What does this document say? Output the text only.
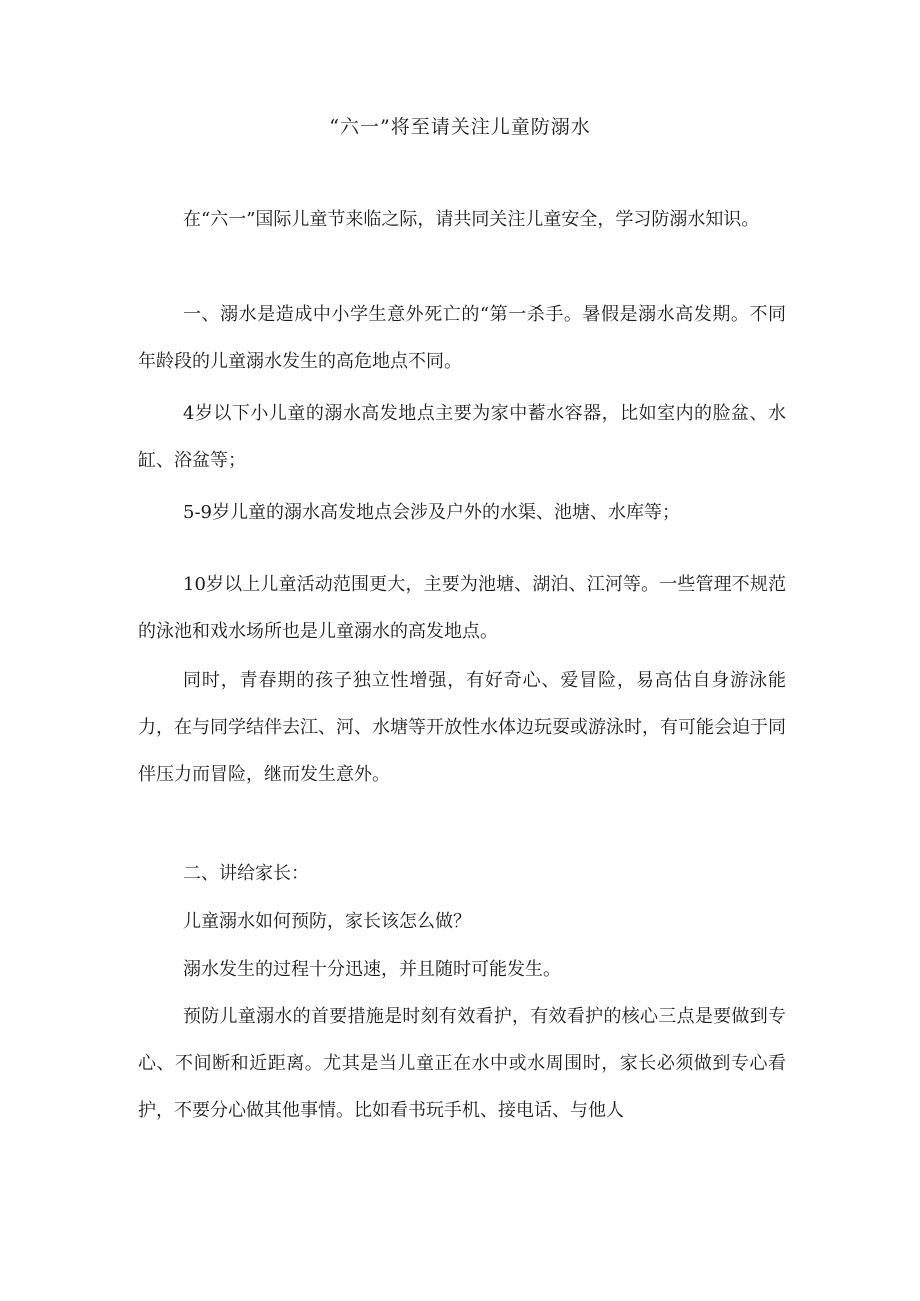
“六一”将至请关注儿童防溺水

在“六一”国际儿童节来临之际，请共同关注儿童安全，学习防溺水知识。

一、溺水是造成中小学生意外死亡的“第一杀手。暑假是溺水高发期。不同年龄段的儿童溺水发生的高危地点不同。

4岁以下小儿童的溺水高发地点主要为家中蓄水容器，比如室内的脸盆、水缸、浴盆等；

5-9岁儿童的溺水高发地点会涉及户外的水渠、池塘、水库等；

10岁以上儿童活动范围更大，主要为池塘、湖泊、江河等。一些管理不规范的泳池和戏水场所也是儿童溺水的高发地点。

同时，青春期的孩子独立性增强，有好奇心、爱冒险，易高估自身游泳能力，在与同学结伴去江、河、水塘等开放性水体边玩耍或游泳时，有可能会迫于同伴压力而冒险，继而发生意外。

二、讲给家长：

儿童溺水如何预防，家长该怎么做？

溺水发生的过程十分迅速，并且随时可能发生。

预防儿童溺水的首要措施是时刻有效看护，有效看护的核心三点是要做到专心、不间断和近距离。尤其是当儿童正在水中或水周围时，家长必须做到专心看护，不要分心做其他事情。比如看书玩手机、接电话、与他人
